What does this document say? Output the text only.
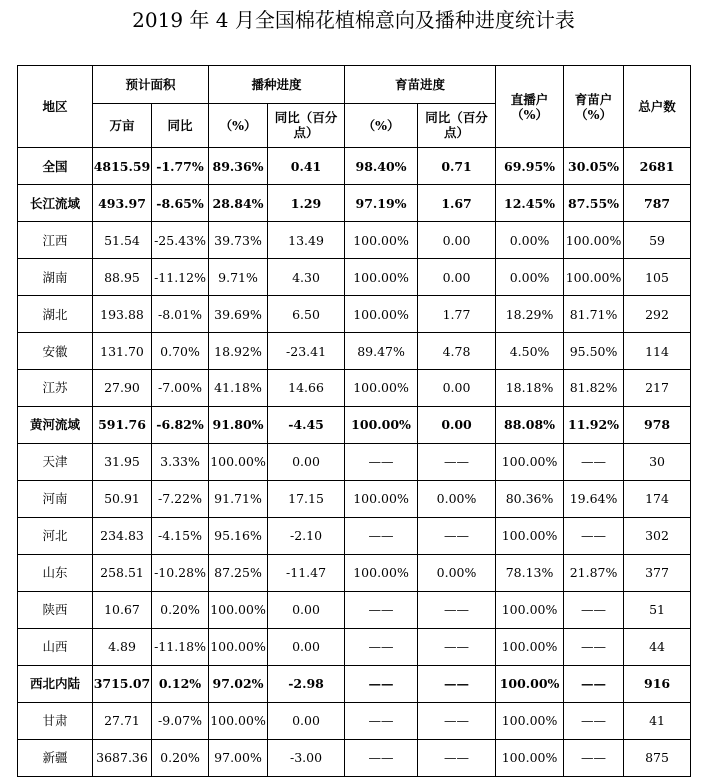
2019 年 4 月全国棉花植棉意向及播种进度统计表
地区	预计面积		播种进度		育苗进度		直播户（%）	育苗户（%）	总户数
	万亩	同比	（%）	同比（百分点）	（%）	同比（百分点）			
全国	4815.59	-1.77%	89.36%	0.41	98.40%	0.71	69.95%	30.05%	2681
长江流域	493.97	-8.65%	28.84%	1.29	97.19%	1.67	12.45%	87.55%	787
江西	51.54	-25.43%	39.73%	13.49	100.00%	0.00	0.00%	100.00%	59
湖南	88.95	-11.12%	9.71%	4.30	100.00%	0.00	0.00%	100.00%	105
湖北	193.88	-8.01%	39.69%	6.50	100.00%	1.77	18.29%	81.71%	292
安徽	131.70	0.70%	18.92%	-23.41	89.47%	4.78	4.50%	95.50%	114
江苏	27.90	-7.00%	41.18%	14.66	100.00%	0.00	18.18%	81.82%	217
黄河流域	591.76	-6.82%	91.80%	-4.45	100.00%	0.00	88.08%	11.92%	978
天津	31.95	3.33%	100.00%	0.00	——	——	100.00%	——	30
河南	50.91	-7.22%	91.71%	17.15	100.00%	0.00%	80.36%	19.64%	174
河北	234.83	-4.15%	95.16%	-2.10	——	——	100.00%	——	302
山东	258.51	-10.28%	87.25%	-11.47	100.00%	0.00%	78.13%	21.87%	377
陕西	10.67	0.20%	100.00%	0.00	——	——	100.00%	——	51
山西	4.89	-11.18%	100.00%	0.00	——	——	100.00%	——	44
西北内陆	3715.07	0.12%	97.02%	-2.98	——	——	100.00%	——	916
甘肃	27.71	-9.07%	100.00%	0.00	——	——	100.00%	——	41
新疆	3687.36	0.20%	97.00%	-3.00	——	——	100.00%	——	875
